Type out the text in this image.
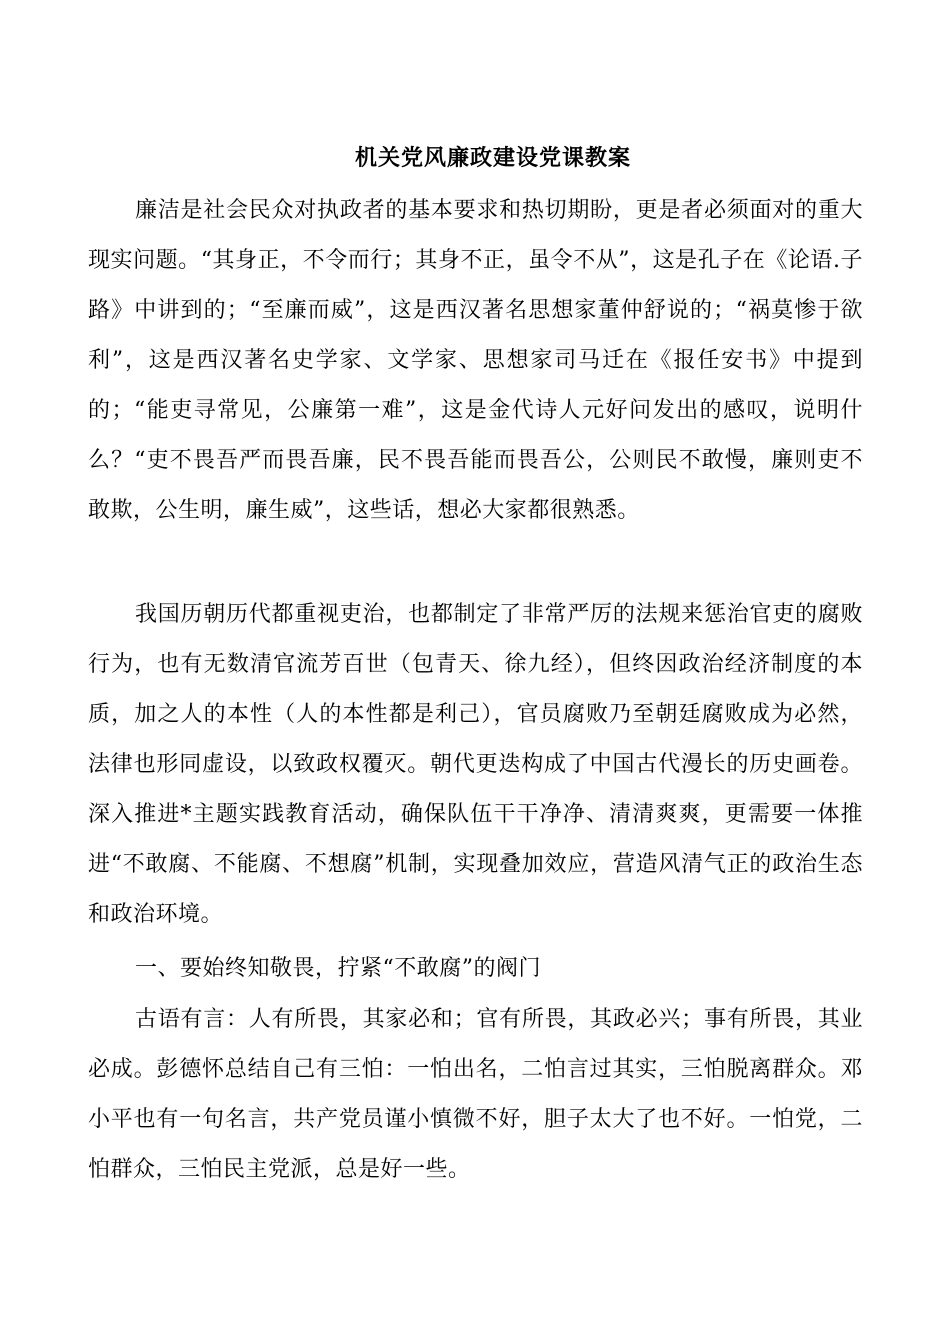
机关党风廉政建设党课教案

廉洁是社会民众对执政者的基本要求和热切期盼，更是者必须面对的重大现实问题。“其身正，不令而行；其身不正，虽令不从”，这是孔子在《论语.子路》中讲到的；“至廉而威”，这是西汉著名思想家董仲舒说的；“祸莫惨于欲利”，这是西汉著名史学家、文学家、思想家司马迁在《报任安书》中提到的；“能吏寻常见，公廉第一难”，这是金代诗人元好问发出的感叹，说明什么？“吏不畏吾严而畏吾廉，民不畏吾能而畏吾公，公则民不敢慢，廉则吏不敢欺，公生明，廉生威”，这些话，想必大家都很熟悉。

我国历朝历代都重视吏治，也都制定了非常严厉的法规来惩治官吏的腐败行为，也有无数清官流芳百世（包青天、徐九经），但终因政治经济制度的本质，加之人的本性（人的本性都是利己），官员腐败乃至朝廷腐败成为必然，法律也形同虚设，以致政权覆灭。朝代更迭构成了中国古代漫长的历史画卷。深入推进*主题实践教育活动，确保队伍干干净净、清清爽爽，更需要一体推进“不敢腐、不能腐、不想腐”机制，实现叠加效应，营造风清气正的政治生态和政治环境。

一、要始终知敬畏，拧紧“不敢腐”的阀门

古语有言：人有所畏，其家必和；官有所畏，其政必兴；事有所畏，其业必成。彭德怀总结自己有三怕：一怕出名，二怕言过其实，三怕脱离群众。邓小平也有一句名言，共产党员谨小慎微不好，胆子太大了也不好。一怕党，二怕群众，三怕民主党派，总是好一些。
